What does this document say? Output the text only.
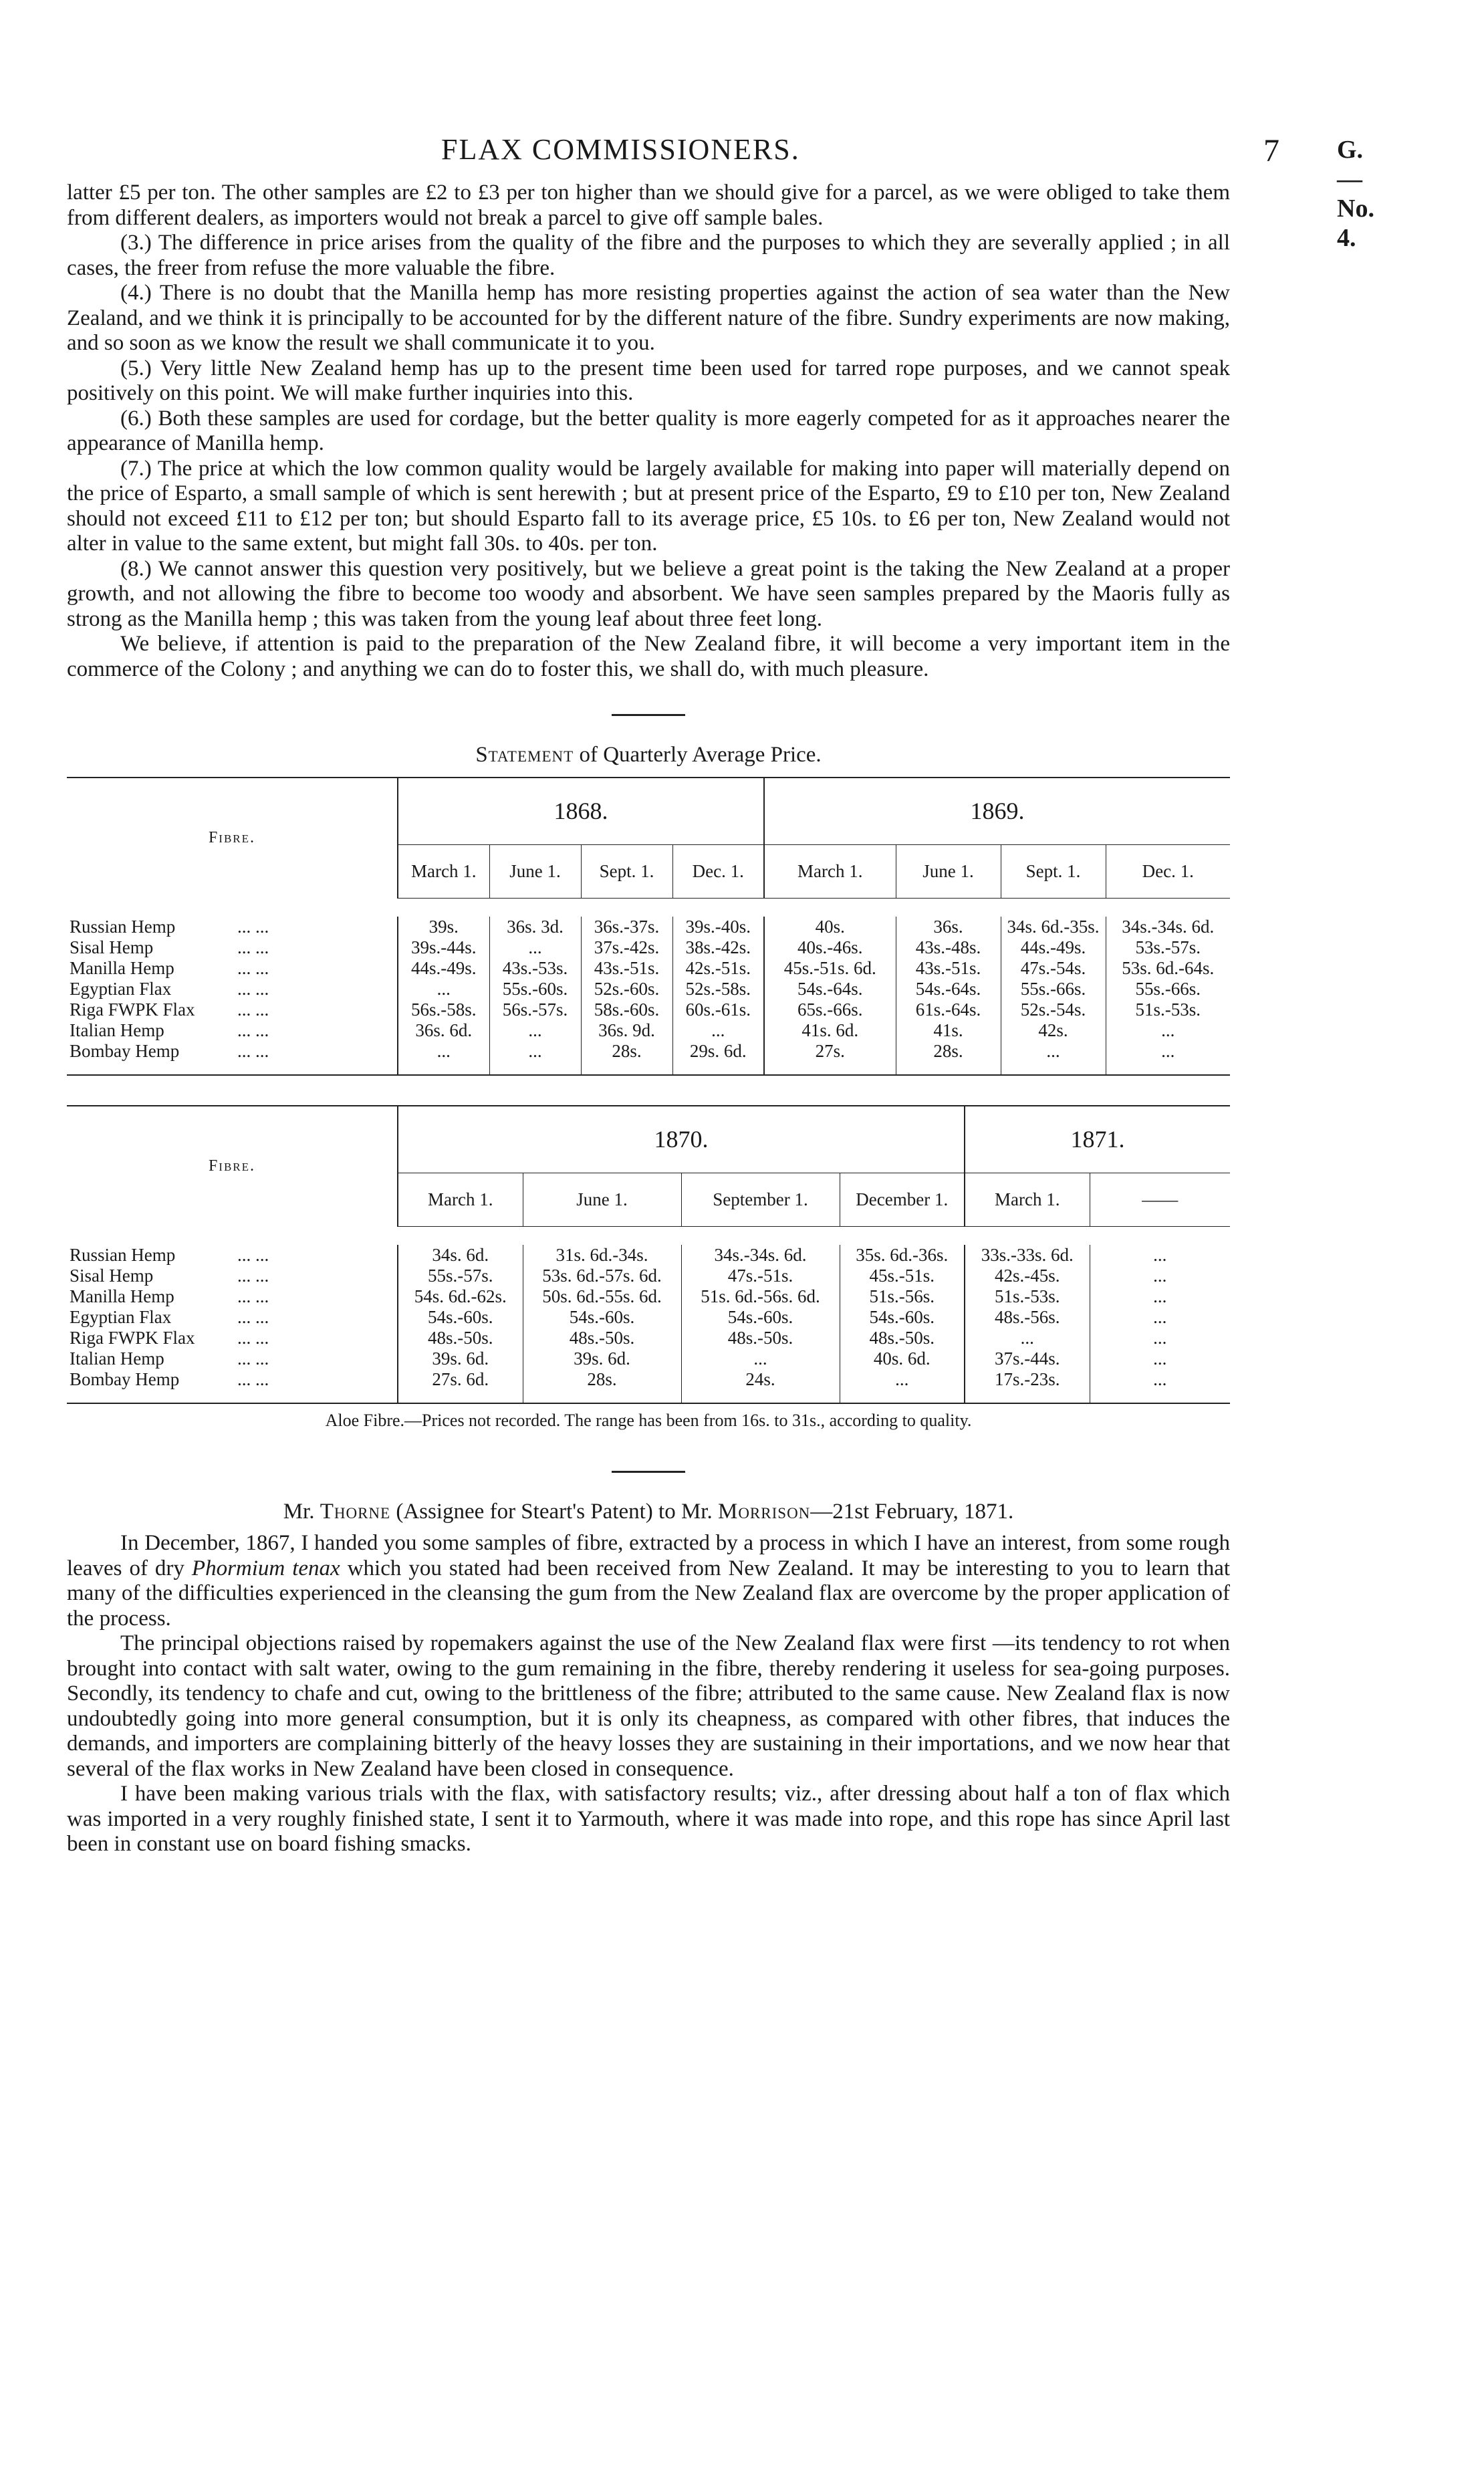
FLAX COMMISSIONERS.	7 G.—No. 4.

latter £5 per ton. The other samples are £2 to £3 per ton higher than we should give for a parcel, as we were obliged to take them from different dealers, as importers would not break a parcel to give off sample bales.

(3.) The difference in price arises from the quality of the fibre and the purposes to which they are severally applied ; in all cases, the freer from refuse the more valuable the fibre.

(4.) There is no doubt that the Manilla hemp has more resisting properties against the action of sea water than the New Zealand, and we think it is principally to be accounted for by the different nature of the fibre. Sundry experiments are now making, and so soon as we know the result we shall communicate it to you.

(5.) Very little New Zealand hemp has up to the present time been used for tarred rope purposes, and we cannot speak positively on this point. We will make further inquiries into this.

(6.) Both these samples are used for cordage, but the better quality is more eagerly competed for as it approaches nearer the appearance of Manilla hemp.

(7.) The price at which the low common quality would be largely available for making into paper will materially depend on the price of Esparto, a small sample of which is sent herewith ; but at present price of the Esparto, £9 to £10 per ton, New Zealand should not exceed £11 to £12 per ton; but should Esparto fall to its average price, £5 10s. to £6 per ton, New Zealand would not alter in value to the same extent, but might fall 30s. to 40s. per ton.

(8.) We cannot answer this question very positively, but we believe a great point is the taking the New Zealand at a proper growth, and not allowing the fibre to become too woody and absorbent. We have seen samples prepared by the Maoris fully as strong as the Manilla hemp ; this was taken from the young leaf about three feet long.

We believe, if attention is paid to the preparation of the New Zealand fibre, it will become a very important item in the commerce of the Colony ; and anything we can do to foster this, we shall do, with much pleasure.

Statement of Quarterly Average Price.

Fibre.	1868.				1869.			
	March 1.	June 1.	Sept. 1.	Dec. 1.	March 1.	June 1.	Sept. 1.	Dec. 1.

Russian Hemp ... ...	39s.	36s. 3d.	36s.-37s.	39s.-40s.	40s.	36s.	34s. 6d.-35s.	34s.-34s. 6d.
Sisal Hemp ... ...	39s.-44s.	...	37s.-42s.	38s.-42s.	40s.-46s.	43s.-48s.	44s.-49s.	53s.-57s.
Manilla Hemp ... ...	44s.-49s.	43s.-53s.	43s.-51s.	42s.-51s.	45s.-51s. 6d.	43s.-51s.	47s.-54s.	53s. 6d.-64s.
Egyptian Flax ... ...	...	55s.-60s.	52s.-60s.	52s.-58s.	54s.-64s.	54s.-64s.	55s.-66s.	55s.-66s.
Riga FWPK Flax ... ...	56s.-58s.	56s.-57s.	58s.-60s.	60s.-61s.	65s.-66s.	61s.-64s.	52s.-54s.	51s.-53s.
Italian Hemp ... ...	36s. 6d.	...	36s. 9d.	...	41s. 6d.	41s.	42s.	...
Bombay Hemp ... ...	...	...	28s.	29s. 6d.	27s.	28s.	...	...

Fibre.	1870.				1871.	
	March 1.	June 1.	September 1.	December 1.	March 1.	——

Russian Hemp ... ...	34s. 6d.	31s. 6d.-34s.	34s.-34s. 6d.	35s. 6d.-36s.	33s.-33s. 6d.	...
Sisal Hemp ... ...	55s.-57s.	53s. 6d.-57s. 6d.	47s.-51s.	45s.-51s.	42s.-45s.	...
Manilla Hemp ... ...	54s. 6d.-62s.	50s. 6d.-55s. 6d.	51s. 6d.-56s. 6d.	51s.-56s.	51s.-53s.	...
Egyptian Flax ... ...	54s.-60s.	54s.-60s.	54s.-60s.	54s.-60s.	48s.-56s.	...
Riga FWPK Flax ... ...	48s.-50s.	48s.-50s.	48s.-50s.	48s.-50s.	...	...
Italian Hemp ... ...	39s. 6d.	39s. 6d.	...	40s. 6d.	37s.-44s.	...
Bombay Hemp ... ...	27s. 6d.	28s.	24s.	...	17s.-23s.	...

Aloe Fibre.—Prices not recorded. The range has been from 16s. to 31s., according to quality.

Mr. Thorne (Assignee for Steart's Patent) to Mr. Morrison—21st February, 1871.

In December, 1867, I handed you some samples of fibre, extracted by a process in which I have an interest, from some rough leaves of dry Phormium tenax which you stated had been received from New Zealand. It may be interesting to you to learn that many of the difficulties experienced in the cleansing the gum from the New Zealand flax are overcome by the proper application of the process.

The principal objections raised by ropemakers against the use of the New Zealand flax were first —its tendency to rot when brought into contact with salt water, owing to the gum remaining in the fibre, thereby rendering it useless for sea-going purposes. Secondly, its tendency to chafe and cut, owing to the brittleness of the fibre; attributed to the same cause. New Zealand flax is now undoubtedly going into more general consumption, but it is only its cheapness, as compared with other fibres, that induces the demands, and importers are complaining bitterly of the heavy losses they are sustaining in their importations, and we now hear that several of the flax works in New Zealand have been closed in consequence.

I have been making various trials with the flax, with satisfactory results; viz., after dressing about half a ton of flax which was imported in a very roughly finished state, I sent it to Yarmouth, where it was made into rope, and this rope has since April last been in constant use on board fishing smacks.
